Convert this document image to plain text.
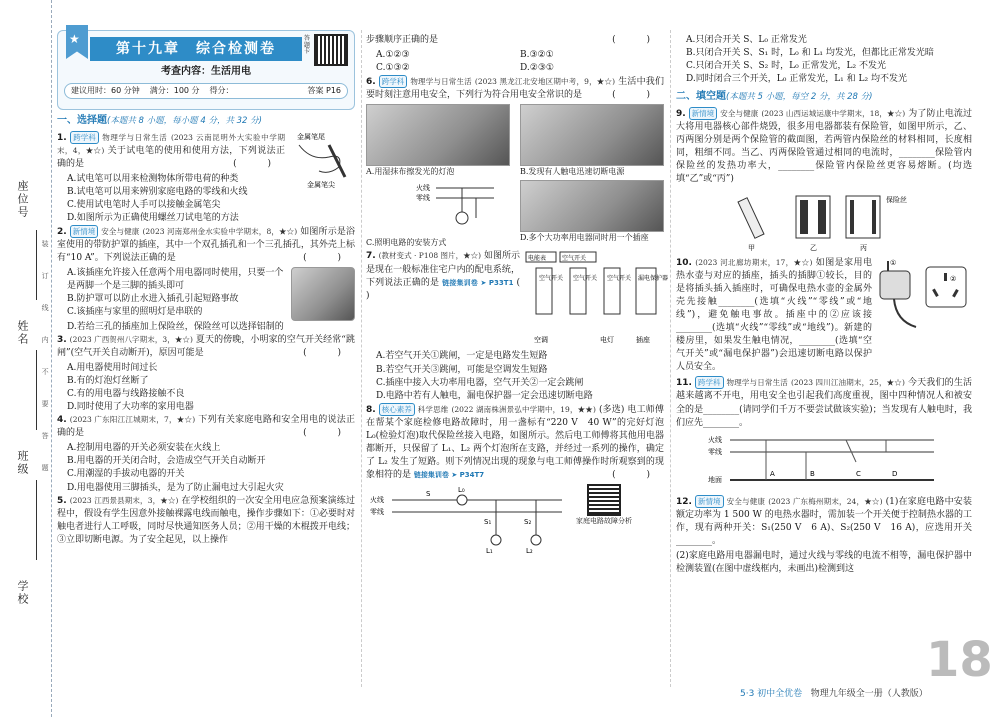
座位号
姓名
班级
学校
装
订
线
内
不
要
答
题
★
第十九章　综合检测卷
答题卡
考查内容：生活用电
建议用时：60 分钟 满分：100 分 得分：	答案 P16
一、选择题(本题共 8 小题，每小题 4 分，共 32 分)
1. 跨学科 物理学与日常生活 (2023 云南昆明外大实验中学期末，4，★☆) 关于试电笔的使用和使用方法，下列说法正确的是	( )
金属笔尾
金属笔尖
A.试电笔可以用来检测物体所带电荷的种类
B.试电笔可以用来辨别家庭电路的零线和火线
C.使用试电笔时人手可以接触金属笔尖
D.如图所示为正确使用螺丝刀试电笔的方法
2. 新情境 安全与健康 (2023 河南郑州金水实验中学期末，8，★☆) 如图所示是浴室使用的带防护罩的插座，其中一个双孔插孔和一个三孔插孔，其外壳上标有“10 A”。下列说法正确的是	( )
A.该插座允许接入任意两个用电器同时使用，只要一个是两脚一个是三脚的插头即可
B.防护罩可以防止水进入插孔引起短路事故
C.该插座与家里的照明灯是串联的
D.若给三孔的插座加上保险丝，保险丝可以选择铝制的
3. (2023 广西贺州八字期末，3，★☆) 夏天的傍晚，小明家的空气开关经常“跳闸”(空气开关自动断开)，原因可能是	( )
A.用电器使用时间过长
B.有的灯泡灯丝断了
C.有的用电器与线路接触不良
D.同时使用了大功率的家用电器
4. (2023 广东阳江江城期末，7，★☆) 下列有关家庭电路和安全用电的说法正确的是	( )
A.控制用电器的开关必须安装在火线上
B.用电器的开关闭合时，会造成空气开关自动断开
C.用潮湿的手拔动电器的开关
D.用电器使用三脚插头，是为了防止漏电过大引起火灾
5. (2023 江西景县期末，3，★☆) 在学校组织的一次安全用电应急预案演练过程中，假设有学生因意外接触裸露电线而触电，操作步骤如下：①必要时对触电者进行人工呼吸，同时尽快通知医务人员；②用干燥的木棍拨开电线；③立即切断电源。为了安全起见，以上操作
步骤顺序正确的是	( )
A.①②③	B.③②①
C.①③②	D.②③①
6. 跨学科 物理学与日常生活 (2023 黑龙江北安地区期中考，9，★☆) 生活中我们要时刻注意用电安全，下列行为符合用电安全常识的是	( )
A.用湿抹布擦发光的灯泡	B.发现有人触电迅速切断电源
火线
零线
C.照明电路的安装方式
D.多个大功率用电器同时用一个插座
7. (教材变式 · P108 图片，★☆) 如图所示是现在一般标准住宅户内的配电系统，下列说法正确的是 链接集训卷 ➤ P33T1 ( )
电能表	空气开关
空气开关 空气开关 空气开关 漏电保护器
空调	电灯	插座
A.若空气开关①跳闸，一定是电路发生短路
B.若空气开关③跳闸，可能是空调发生短路
C.插座中接入大功率用电器，空气开关②一定会跳闸
D.电路中若有人触电，漏电保护器一定会迅速切断电路
8. 核心素养 科学思维 (2022 湖南株洲景弘中学期中，19，★★) (多选) 电工师傅在帮某个家庭检修电路故障时，用一盏标有“220 V　40 W”的完好灯泡 L₀(检验灯泡)取代保险丝接入电路，如图所示。然后电工师傅将其他用电器都断开，只保留了 L₁、L₂ 两个灯泡所在支路，并经过一系列的操作，确定了 L₂ 发生了短路。则下列情况出现的现象与电工师傅操作时所观察到的现象相符的是 链接集训卷 ➤ P34T7	( )
火线
零线
S	L₀
S₁	S₂
L₁	L₂
家庭电路故障分析
A.只闭合开关 S、L₀ 正常发光
B.只闭合开关 S、S₁ 时，L₀ 和 L₁ 均发光，但都比正常发光暗
C.只闭合开关 S、S₂ 时，L₀ 正常发光，L₂ 不发光
D.同时闭合三个开关，L₀ 正常发光，L₁ 和 L₂ 均不发光
二、填空题(本题共 5 小题，每空 2 分，共 28 分)
9. 新情境 安全与健康 (2023 山西运城运康中学期末，18，★☆) 为了防止电流过大将用电器核心部件烧毁，很多用电器都装有保险管，如图甲所示，乙、丙两图分别是两个保险管的截面图，若两管内保险丝的材料相同，长度相同，粗细不同。当乙、丙两保险管通过相同的电流时，________保险管内保险丝的发热功率大，________保险管内保险丝更容易熔断。(均选填“乙”或“丙”)
保险丝
甲	乙	丙
10. (2023 河北廊坊期末，17，★☆) 如图是家用电热水壶与对应的插座，插头的插脚①较长，目的是将插头插入插座时，可确保电热水壶的金属外壳先接触________(选填“火线”“零线”或“地线”)，避免触电事故。插座中的②应该接________(选填“火线”“零线”或“地线”)。新建的楼房里，如果发生触电情况，________(选填“空气开关”或“漏电保护器”)会迅速切断电路以保护人员安全。
①
②
11. 跨学科 物理学与日常生活 (2023 四川江油期末，25，★☆) 今天我们的生活越来越离不开电，用电安全也引起我们高度重视，图中四种情况人和被安全的是________(请同学们千万不要尝试做该实验)；当发现有人触电时，我们应先________。
火线
零线
地面
A	B	C	D
12. 新情境 安全与健康 (2023 广东梅州期末，24，★☆) (1)在家庭电路中安装额定功率为 1 500 W 的电热水器时，需加装一个开关便于控制热水器的工作，现有两种开关：S₁(250 V　6 A)、S₂(250 V　16 A)，应选用开关________。
(2)家庭电路用电器漏电时，通过火线与零线的电流不相等，漏电保护器中检测装置(在图中虚线框内，未画出)检测到这
18
5·3 初中全优卷 物理九年级全一册（人教版）
